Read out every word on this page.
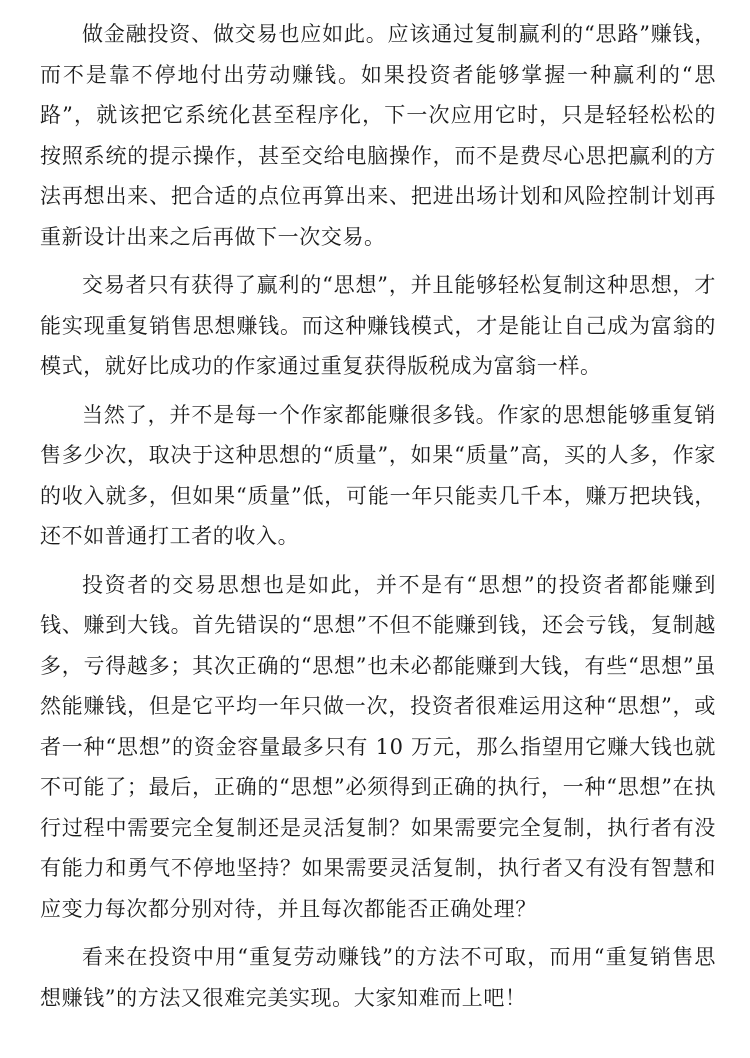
做金融投资、做交易也应如此。应该通过复制赢利的“思路”赚钱，而不是靠不停地付出劳动赚钱。如果投资者能够掌握一种赢利的“思路”，就该把它系统化甚至程序化，下一次应用它时，只是轻轻松松的按照系统的提示操作，甚至交给电脑操作，而不是费尽心思把赢利的方法再想出来、把合适的点位再算出来、把进出场计划和风险控制计划再重新设计出来之后再做下一次交易。

交易者只有获得了赢利的“思想”，并且能够轻松复制这种思想，才能实现重复销售思想赚钱。而这种赚钱模式，才是能让自己成为富翁的模式，就好比成功的作家通过重复获得版税成为富翁一样。

当然了，并不是每一个作家都能赚很多钱。作家的思想能够重复销售多少次，取决于这种思想的“质量”，如果“质量”高，买的人多，作家的收入就多，但如果“质量”低，可能一年只能卖几千本，赚万把块钱，还不如普通打工者的收入。

投资者的交易思想也是如此，并不是有“思想”的投资者都能赚到钱、赚到大钱。首先错误的“思想”不但不能赚到钱，还会亏钱，复制越多，亏得越多；其次正确的“思想”也未必都能赚到大钱，有些“思想”虽然能赚钱，但是它平均一年只做一次，投资者很难运用这种“思想”，或者一种“思想”的资金容量最多只有 10 万元，那么指望用它赚大钱也就不可能了；最后，正确的“思想”必须得到正确的执行，一种“思想”在执行过程中需要完全复制还是灵活复制？如果需要完全复制，执行者有没有能力和勇气不停地坚持？如果需要灵活复制，执行者又有没有智慧和应变力每次都分别对待，并且每次都能否正确处理？

看来在投资中用“重复劳动赚钱”的方法不可取，而用“重复销售思想赚钱”的方法又很难完美实现。大家知难而上吧！
